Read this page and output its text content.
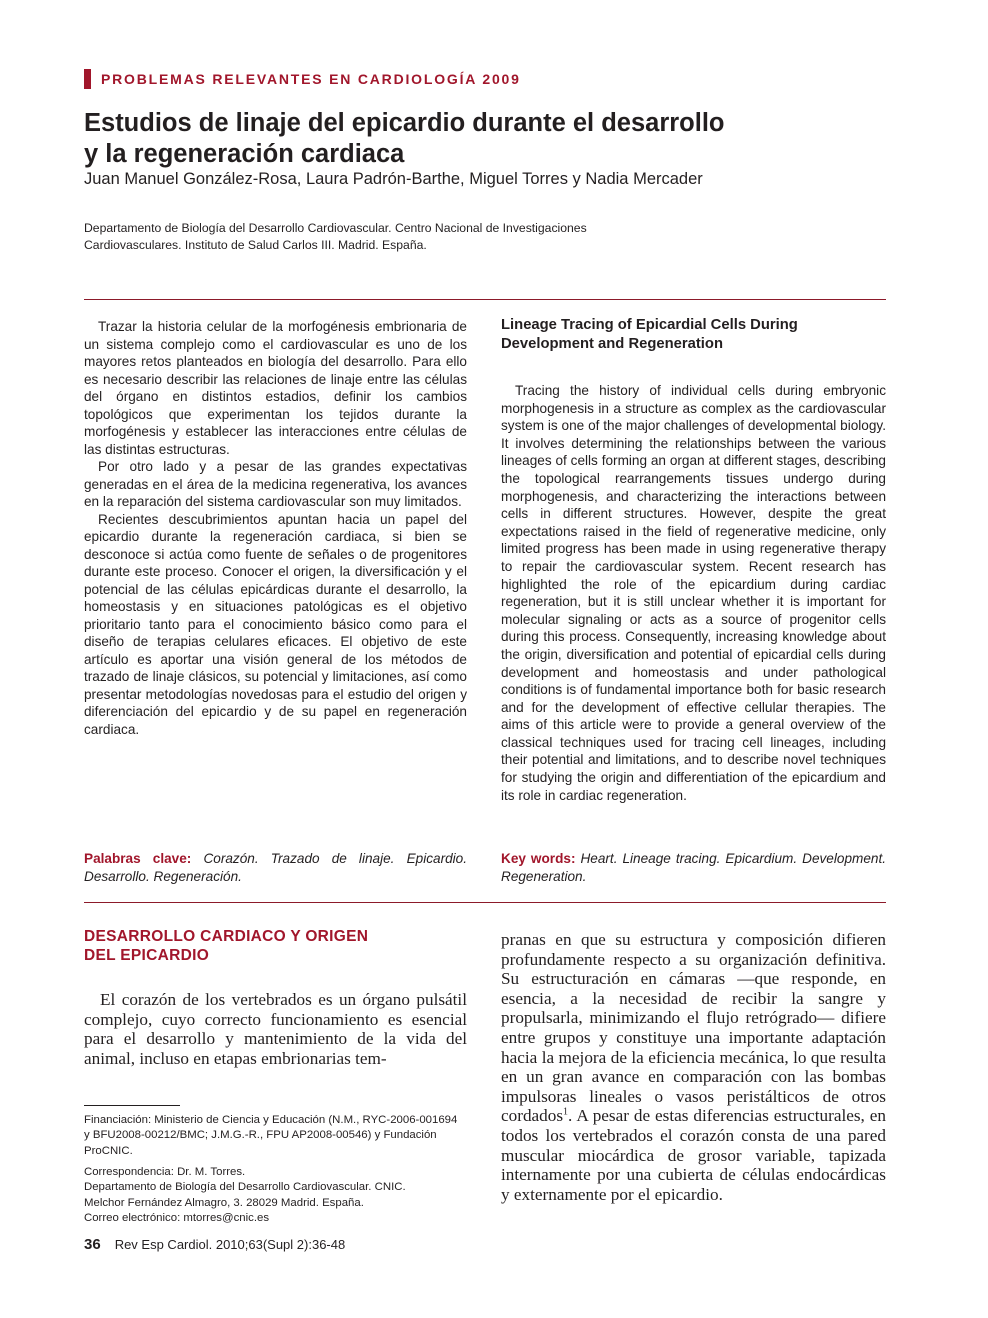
PROBLEMAS RELEVANTES EN CARDIOLOGÍA 2009
Estudios de linaje del epicardio durante el desarrollo
y la regeneración cardiaca
Juan Manuel González-Rosa, Laura Padrón-Barthe, Miguel Torres y Nadia Mercader
Departamento de Biología del Desarrollo Cardiovascular. Centro Nacional de Investigaciones
Cardiovasculares. Instituto de Salud Carlos III. Madrid. España.

Trazar la historia celular de la morfogénesis embrionaria de un sistema complejo como el cardiovascular es uno de los mayores retos planteados en biología del desarrollo. Para ello es necesario describir las relaciones de linaje entre las células del órgano en distintos estadios, definir los cambios topológicos que experimentan los tejidos durante la morfogénesis y establecer las interacciones entre células de las distintas estructuras.

Por otro lado y a pesar de las grandes expectativas generadas en el área de la medicina regenerativa, los avances en la reparación del sistema cardiovascular son muy limitados.

Recientes descubrimientos apuntan hacia un papel del epicardio durante la regeneración cardiaca, si bien se desconoce si actúa como fuente de señales o de progenitores durante este proceso. Conocer el origen, la diversificación y el potencial de las células epicárdicas durante el desarrollo, la homeostasis y en situaciones patológicas es el objetivo prioritario tanto para el conocimiento básico como para el diseño de terapias celulares eficaces. El objetivo de este artículo es aportar una visión general de los métodos de trazado de linaje clásicos, su potencial y limitaciones, así como presentar metodologías novedosas para el estudio del origen y diferenciación del epicardio y de su papel en regeneración cardiaca.

Lineage Tracing of Epicardial Cells During
Development and Regeneration

Tracing the history of individual cells during embryonic morphogenesis in a structure as complex as the cardiovascular system is one of the major challenges of developmental biology. It involves determining the relationships between the various lineages of cells forming an organ at different stages, describing the topological rearrangements tissues undergo during morphogenesis, and characterizing the interactions between cells in different structures. However, despite the great expectations raised in the field of regenerative medicine, only limited progress has been made in using regenerative therapy to repair the cardiovascular system. Recent research has highlighted the role of the epicardium during cardiac regeneration, but it is still unclear whether it is important for molecular signaling or acts as a source of progenitor cells during this process. Consequently, increasing knowledge about the origin, diversification and potential of epicardial cells during development and homeostasis and under pathological conditions is of fundamental importance both for basic research and for the development of effective cellular therapies. The aims of this article were to provide a general overview of the classical techniques used for tracing cell lineages, including their potential and limitations, and to describe novel techniques for studying the origin and differentiation of the epicardium and its role in cardiac regeneration.

Palabras clave: Corazón. Trazado de linaje. Epicardio. Desarrollo. Regeneración.
Key words: Heart. Lineage tracing. Epicardium. Development. Regeneration.
DESARROLLO CARDIACO Y ORIGEN
DEL EPICARDIO

El corazón de los vertebrados es un órgano pulsátil complejo, cuyo correcto funcionamiento es esencial para el desarrollo y mantenimiento de la vida del animal, incluso en etapas embrionarias tem-

pranas en que su estructura y composición difieren profundamente respecto a su organización definitiva. Su estructuración en cámaras —que responde, en esencia, a la necesidad de recibir la sangre y propulsarla, minimizando el flujo retrógrado— difiere entre grupos y constituye una importante adaptación hacia la mejora de la eficiencia mecánica, lo que resulta en un gran avance en comparación con las bombas impulsoras lineales o vasos peristálticos de otros cordados$^1$. A pesar de estas diferencias estructurales, en todos los vertebrados el corazón consta de una pared muscular miocárdica de grosor variable, tapizada internamente por una cubierta de células endocárdicas y externamente por el epicardio.

Financiación: Ministerio de Ciencia y Educación (N.M., RYC-2006-001694
y BFU2008-00212/BMC; J.M.G.-R., FPU AP2008-00546) y Fundación
ProCNIC.
Correspondencia: Dr. M. Torres.
Departamento de Biología del Desarrollo Cardiovascular. CNIC.
Melchor Fernández Almagro, 3. 28029 Madrid. España.
Correo electrónico: mtorres@cnic.es
36 Rev Esp Cardiol. 2010;63(Supl 2):36-48
